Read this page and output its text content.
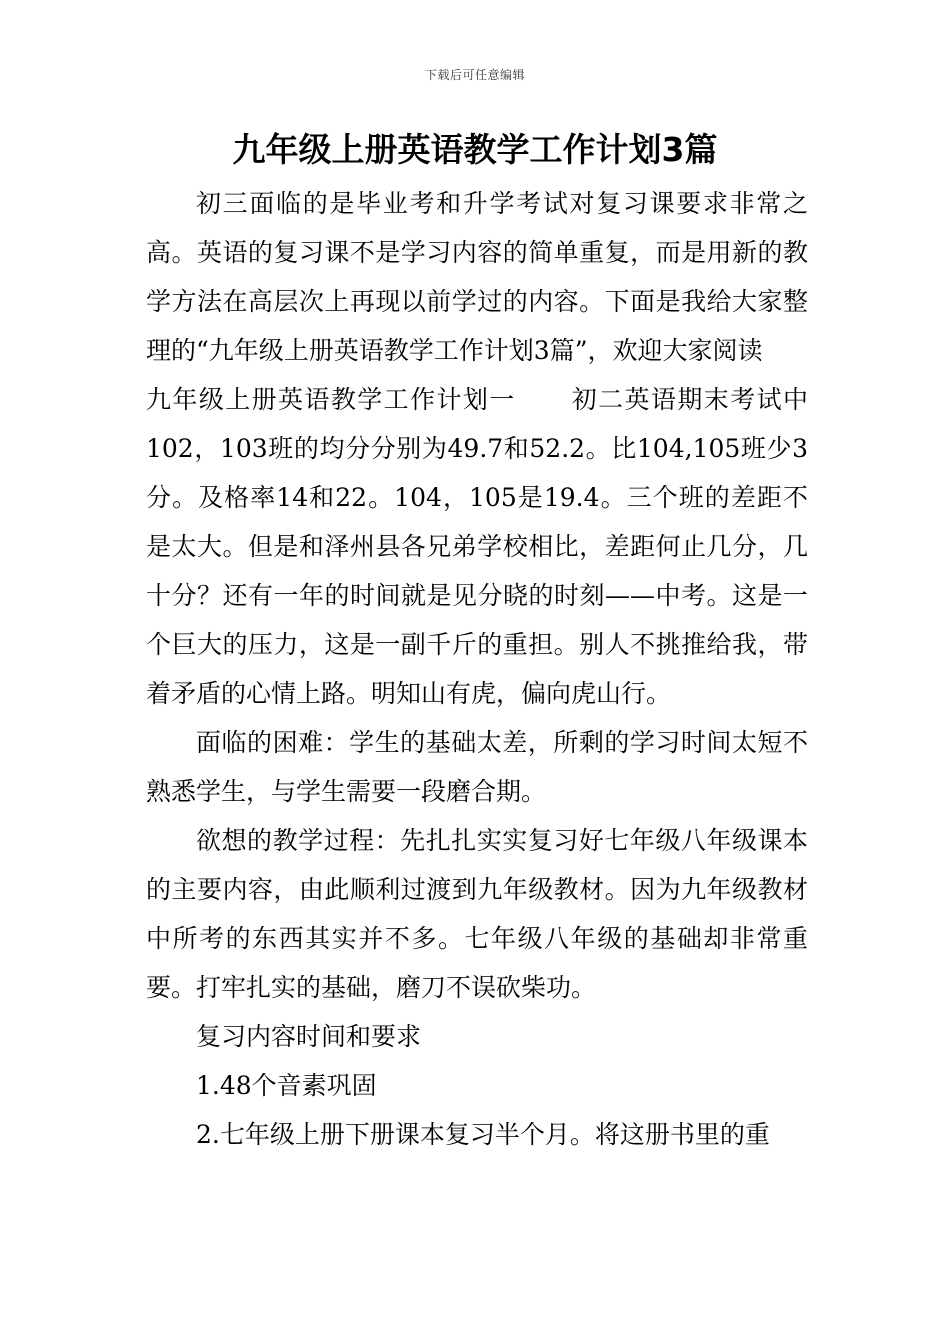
下载后可任意编辑
九年级上册英语教学工作计划3篇

初三面临的是毕业考和升学考试对复习课要求非常之高。英语的复习课不是学习内容的简单重复，而是用新的教学方法在高层次上再现以前学过的内容。下面是我给大家整理的“九年级上册英语教学工作计划3篇”，欢迎大家阅读

九年级上册英语教学工作计划一 初二英语期末考试中102，103班的均分分别为49.7和52.2。比104,105班少3分。及格率14和22。104，105是19.4。三个班的差距不是太大。但是和泽州县各兄弟学校相比，差距何止几分，几十分？还有一年的时间就是见分晓的时刻——中考。这是一个巨大的压力，这是一副千斤的重担。别人不挑推给我，带着矛盾的心情上路。明知山有虎，偏向虎山行。

面临的困难：学生的基础太差，所剩的学习时间太短不熟悉学生，与学生需要一段磨合期。

欲想的教学过程：先扎扎实实复习好七年级八年级课本的主要内容，由此顺利过渡到九年级教材。因为九年级教材中所考的东西其实并不多。七年级八年级的基础却非常重要。打牢扎实的基础，磨刀不误砍柴功。

复习内容时间和要求

1.48个音素巩固

2.七年级上册下册课本复习半个月。将这册书里的重
